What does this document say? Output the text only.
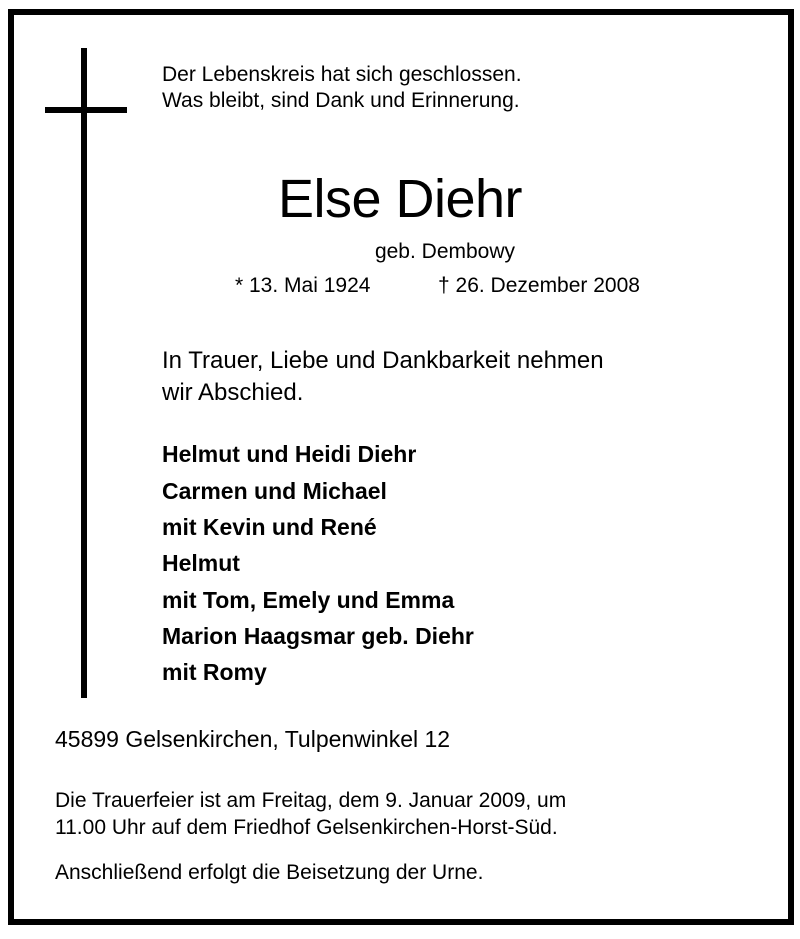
Der Lebenskreis hat sich geschlossen.
Was bleibt, sind Dank und Erinnerung.
Else Diehr
geb. Dembowy
* 13. Mai 1924	† 26. Dezember 2008
In Trauer, Liebe und Dankbarkeit nehmen
wir Abschied.
Helmut und Heidi Diehr
Carmen und Michael
mit Kevin und René
Helmut
mit Tom, Emely und Emma
Marion Haagsmar geb. Diehr
mit Romy
45899 Gelsenkirchen, Tulpenwinkel 12
Die Trauerfeier ist am Freitag, dem 9. Januar 2009, um
11.00 Uhr auf dem Friedhof Gelsenkirchen-Horst-Süd.
Anschließend erfolgt die Beisetzung der Urne.
